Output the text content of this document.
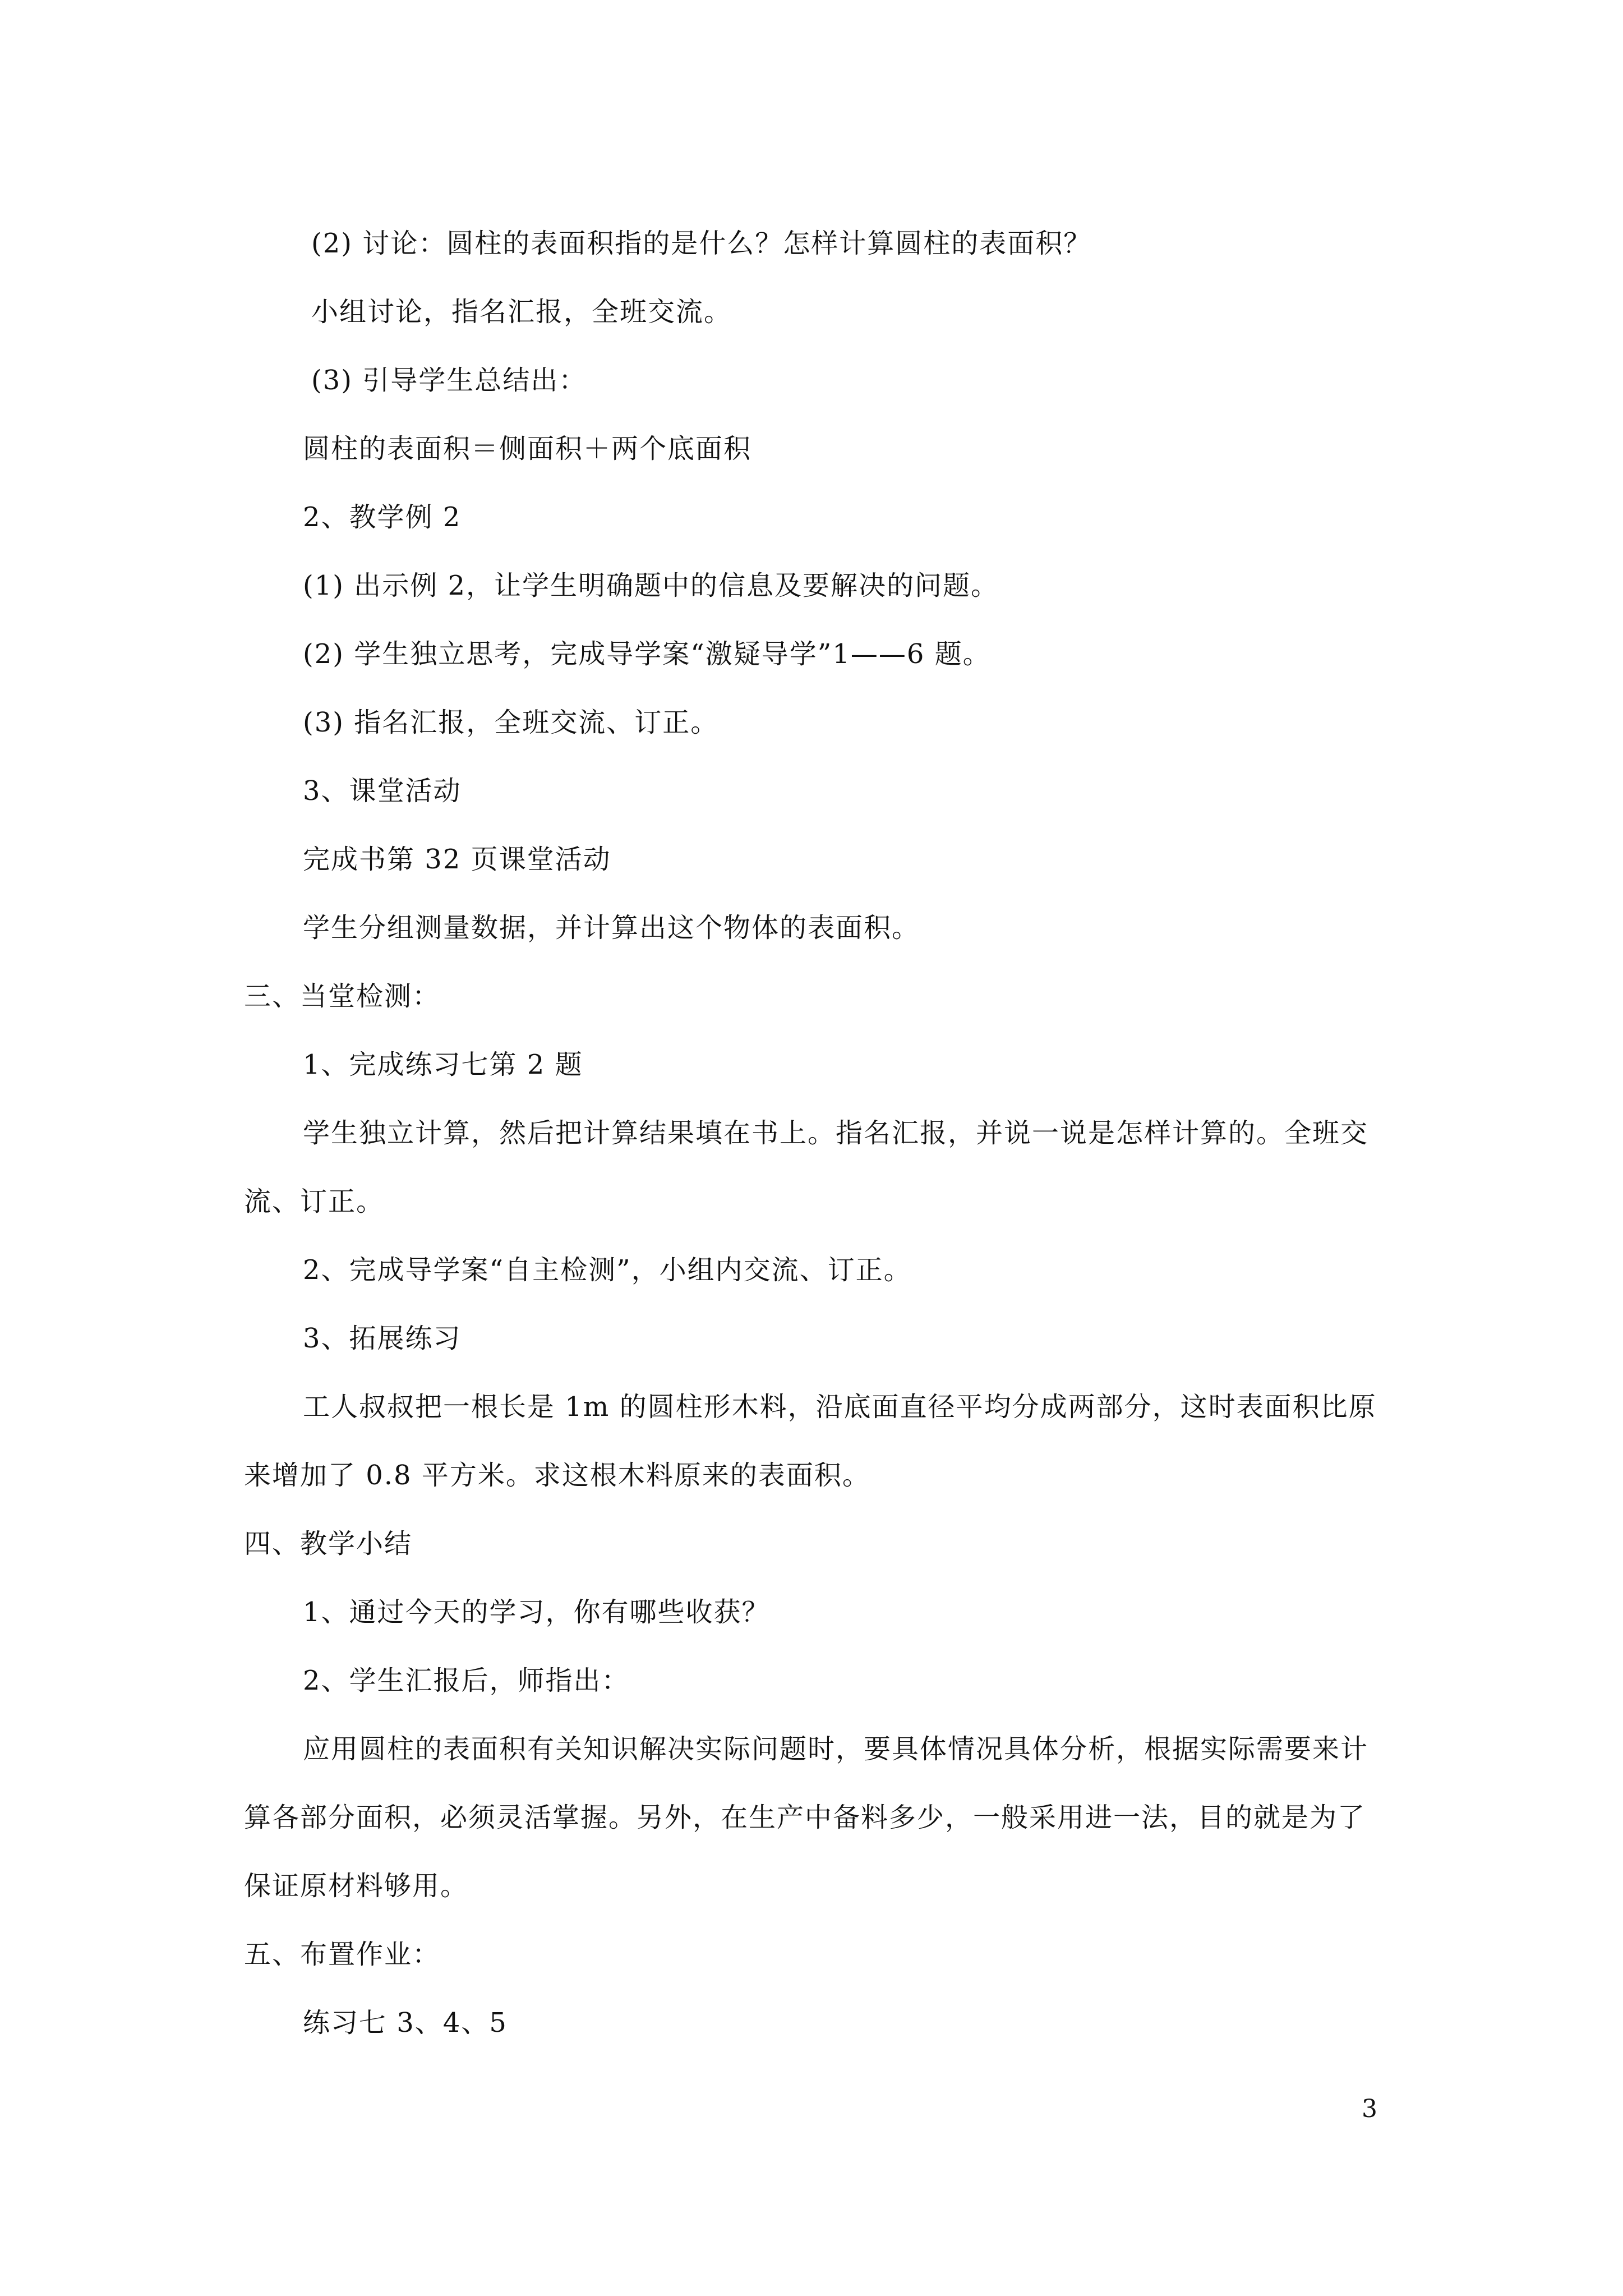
(2) 讨论：圆柱的表面积指的是什么？怎样计算圆柱的表面积？
小组讨论，指名汇报，全班交流。
(3) 引导学生总结出：
圆柱的表面积＝侧面积＋两个底面积
2、教学例 2
(1) 出示例 2，让学生明确题中的信息及要解决的问题。
(2) 学生独立思考，完成导学案“激疑导学”1——6 题。
(3) 指名汇报，全班交流、订正。
3、课堂活动
完成书第 32 页课堂活动
学生分组测量数据，并计算出这个物体的表面积。
三、当堂检测：
1、完成练习七第 2 题
学生独立计算，然后把计算结果填在书上。指名汇报，并说一说是怎样计算的。全班交
流、订正。
2、完成导学案“自主检测”，小组内交流、订正。
3、拓展练习
工人叔叔把一根长是 1m 的圆柱形木料，沿底面直径平均分成两部分，这时表面积比原
来增加了 0.8 平方米。求这根木料原来的表面积。
四、教学小结
1、通过今天的学习，你有哪些收获？
2、学生汇报后，师指出：
应用圆柱的表面积有关知识解决实际问题时，要具体情况具体分析，根据实际需要来计
算各部分面积，必须灵活掌握。另外，在生产中备料多少，一般采用进一法，目的就是为了
保证原材料够用。
五、布置作业：
练习七 3、4、5
3
